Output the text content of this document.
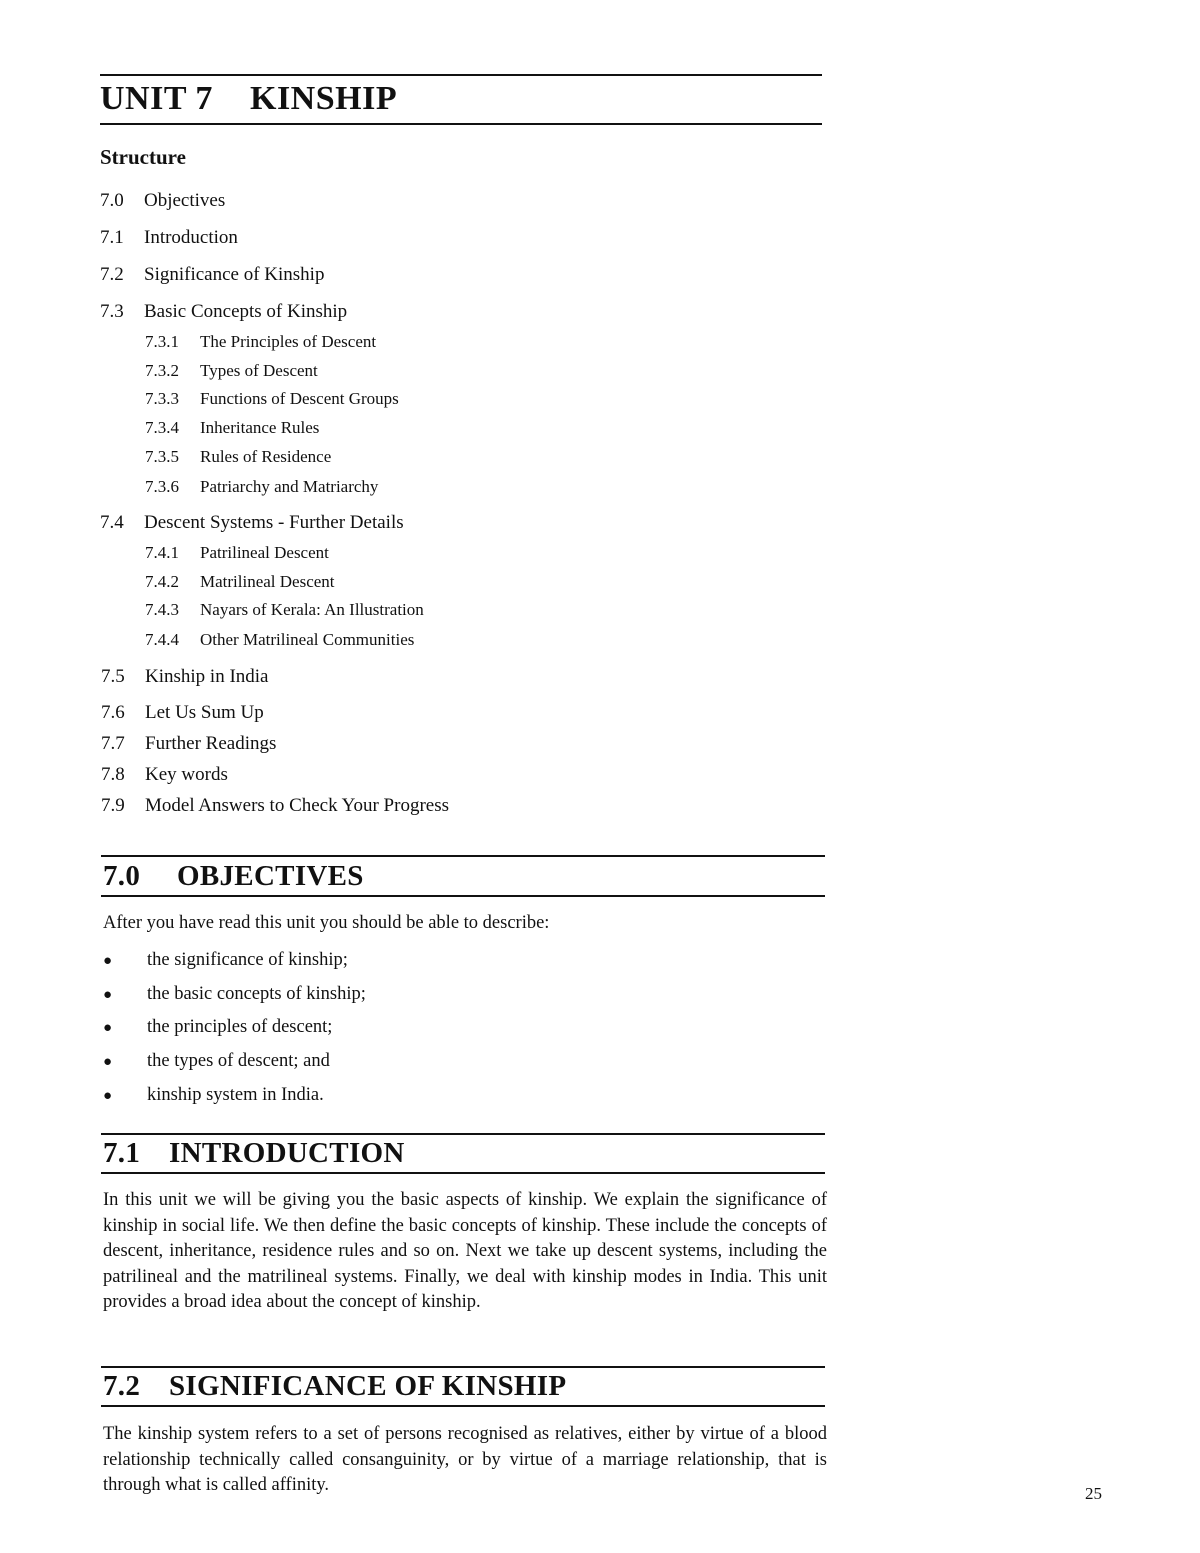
UNIT 7 KINSHIP
Structure
7.0 Objectives
7.1 Introduction
7.2 Significance of Kinship
7.3 Basic Concepts of Kinship
7.3.1 The Principles of Descent
7.3.2 Types of Descent
7.3.3 Functions of Descent Groups
7.3.4 Inheritance Rules
7.3.5 Rules of Residence
7.3.6 Patriarchy and Matriarchy
7.4 Descent Systems - Further Details
7.4.1 Patrilineal Descent
7.4.2 Matrilineal Descent
7.4.3 Nayars of Kerala: An Illustration
7.4.4 Other Matrilineal Communities
7.5 Kinship in India
7.6 Let Us Sum Up
7.7 Further Readings
7.8 Key words
7.9 Model Answers to Check Your Progress
7.0 OBJECTIVES
After you have read this unit you should be able to describe:
● the significance of kinship;
● the basic concepts of kinship;
● the principles of descent;
● the types of descent; and
● kinship system in India.
7.1 INTRODUCTION
In this unit we will be giving you the basic aspects of kinship. We explain the significance of kinship in social life. We then define the basic concepts of kinship. These include the concepts of descent, inheritance, residence rules and so on. Next we take up descent systems, including the patrilineal and the matrilineal systems. Finally, we deal with kinship modes in India. This unit provides a broad idea about the concept of kinship.
7.2 SIGNIFICANCE OF KINSHIP
The kinship system refers to a set of persons recognised as relatives, either by virtue of a blood relationship technically called consanguinity, or by virtue of a marriage relationship, that is through what is called affinity.	25
